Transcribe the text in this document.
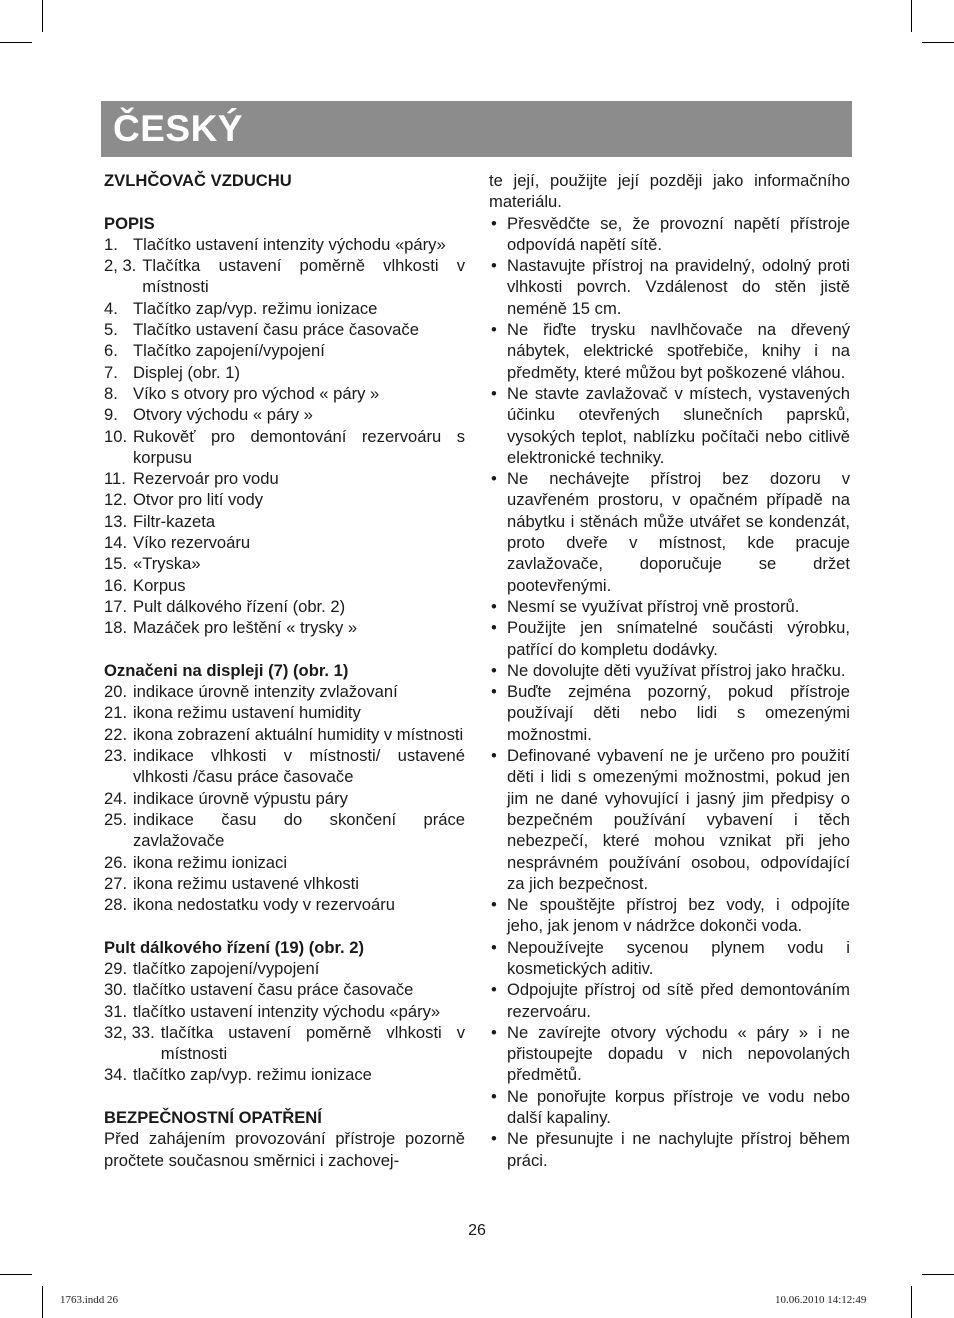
ČESKÝ

ZVLHČOVAČ VZDUCHU

POPIS

1. Tlačítko ustavení intenzity východu «páry»
2, 3. Tlačítka ustavení poměrně vlhkosti v místnosti
4. Tlačítko zap/vyp. režimu ionizace
5. Tlačítko ustavení času práce časovače
6. Tlačítko zapojení/vypojení
7. Displej (obr. 1)
8. Víko s otvory pro východ « páry »
9. Otvory východu « páry »
10. Rukověť pro demontování rezervoáru s korpusu
11. Rezervoár pro vodu
12. Otvor pro lití vody
13. Filtr-kazeta
14. Víko rezervoáru
15. «Tryska»
16. Korpus
17. Pult dálkového řízení (obr. 2)
18. Mazáček pro leštění « trysky »

Označeni na displeji (7) (obr. 1)

20. indikace úrovně intenzity zvlažovaní
21. ikona režimu ustavení humidity
22. ikona zobrazení aktuální humidity v místnosti
23. indikace vlhkosti v místnosti/ ustavené vlhkosti /času práce časovače
24. indikace úrovně výpustu páry
25. indikace času do skončení práce zavlažovače
26. ikona režimu ionizaci
27. ikona režimu ustavené vlhkosti
28. ikona nedostatku vody v rezervoáru

Pult dálkového řízení (19) (obr. 2)

29. tlačítko zapojení/vypojení
30. tlačítko ustavení času práce časovače
31. tlačítko ustavení intenzity východu «páry»
32, 33. tlačítka ustavení poměrně vlhkosti v místnosti
34. tlačítko zap/vyp. režimu ionizace

BEZPEČNOSTNÍ OPATŘENÍ

Před zahájením provozování přístroje pozorně pročtete současnou směrnici i zachovej-

te její, použijte její později jako informačního materiálu.

• Přesvědčte se, že provozní napětí přístroje odpovídá napětí sítě.
• Nastavujte přístroj na pravidelný, odolný proti vlhkosti povrch. Vzdálenost do stěn jistě neméně 15 cm.
• Ne řiďte trysku navlhčovače na dřevený nábytek, elektrické spotřebiče, knihy i na předměty, které můžou byt poškozené vláhou.
• Ne stavte zavlažovač v místech, vystavených účinku otevřených slunečních paprsků, vysokých teplot, nablízku počítači nebo citlivě elektronické techniky.
• Ne nechávejte přístroj bez dozoru v uzavřeném prostoru, v opačném případě na nábytku i stěnách může utvářet se kondenzát, proto dveře v místnost, kde pracuje zavlažovače, doporučuje se držet pootevřenými.
• Nesmí se využívat přístroj vně prostorů.
• Použijte jen snímatelné součásti výrobku, patřící do kompletu dodávky.
• Ne dovolujte děti využívat přístroj jako hračku.
• Buďte zejména pozorný, pokud přístroje používají děti nebo lidi s omezenými možnostmi.
• Definované vybavení ne je určeno pro použití děti i lidi s omezenými možnostmi, pokud jen jim ne dané vyhovující i jasný jim předpisy o bezpečném používání vybavení i těch nebezpečí, které mohou vznikat při jeho nesprávném používání osobou, odpovídající za jich bezpečnost.
• Ne spouštějte přístroj bez vody, i odpojíte jeho, jak jenom v nádržce dokonči voda.
• Nepoužívejte sycenou plynem vodu i kosmetických aditiv.
• Odpojujte přístroj od sítě před demontováním rezervoáru.
• Ne zavírejte otvory východu « páry » i ne přistoupejte dopadu v nich nepovolaných předmětů.
• Ne ponořujte korpus přístroje ve vodu nebo další kapaliny.
• Ne přesunujte i ne nachylujte přístroj během práci.
26
1763.indd 26	10.06.2010 14:12:49
